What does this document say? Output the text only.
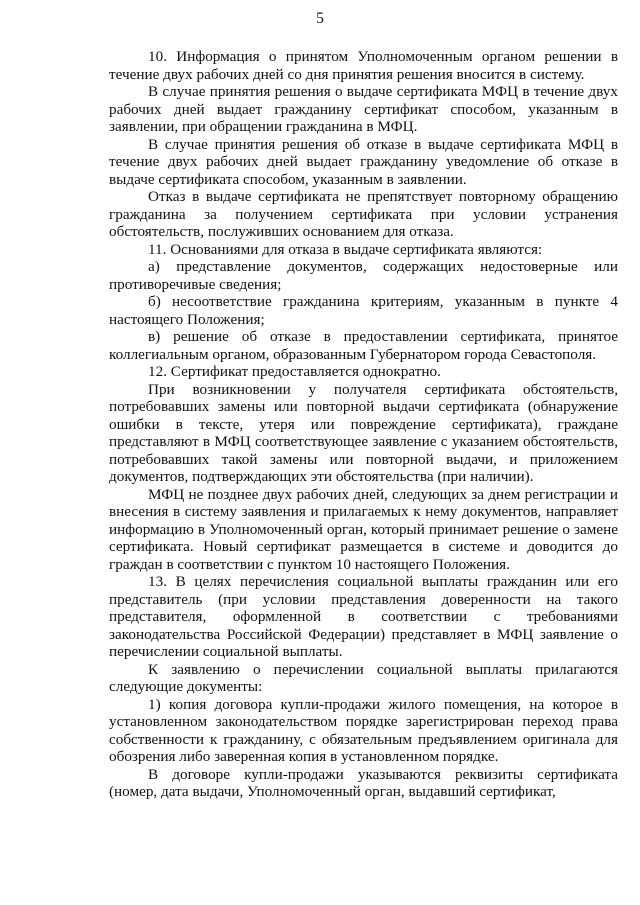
5

10. Информация о принятом Уполномоченным органом решении в течение двух рабочих дней со дня принятия решения вносится в систему.

В случае принятия решения о выдаче сертификата МФЦ в течение двух рабочих дней выдает гражданину сертификат способом, указанным в заявлении, при обращении гражданина в МФЦ.

В случае принятия решения об отказе в выдаче сертификата МФЦ в течение двух рабочих дней выдает гражданину уведомление об отказе в выдаче сертификата способом, указанным в заявлении.

Отказ в выдаче сертификата не препятствует повторному обращению гражданина за получением сертификата при условии устранения обстоятельств, послуживших основанием для отказа.

11. Основаниями для отказа в выдаче сертификата являются:

а) представление документов, содержащих недостоверные или противоречивые сведения;

б) несоответствие гражданина критериям, указанным в пункте 4 настоящего Положения;

в) решение об отказе в предоставлении сертификата, принятое коллегиальным органом, образованным Губернатором города Севастополя.

12. Сертификат предоставляется однократно.

При возникновении у получателя сертификата обстоятельств, потребовавших замены или повторной выдачи сертификата (обнаружение ошибки в тексте, утеря или повреждение сертификата), граждане представляют в МФЦ соответствующее заявление с указанием обстоятельств, потребовавших такой замены или повторной выдачи, и приложением документов, подтверждающих эти обстоятельства (при наличии).

МФЦ не позднее двух рабочих дней, следующих за днем регистрации и внесения в систему заявления и прилагаемых к нему документов, направляет информацию в Уполномоченный орган, который принимает решение о замене сертификата. Новый сертификат размещается в системе и доводится до граждан в соответствии с пунктом 10 настоящего Положения.

13. В целях перечисления социальной выплаты гражданин или его представитель (при условии представления доверенности на такого представителя, оформленной в соответствии с требованиями законодательства Российской Федерации) представляет в МФЦ заявление о перечислении социальной выплаты.

К заявлению о перечислении социальной выплаты прилагаются следующие документы:

1) копия договора купли-продажи жилого помещения, на которое в установленном законодательством порядке зарегистрирован переход права собственности к гражданину, с обязательным предъявлением оригинала для обозрения либо заверенная копия в установленном порядке.

В договоре купли-продажи указываются реквизиты сертификата (номер, дата выдачи, Уполномоченный орган, выдавший сертификат,
